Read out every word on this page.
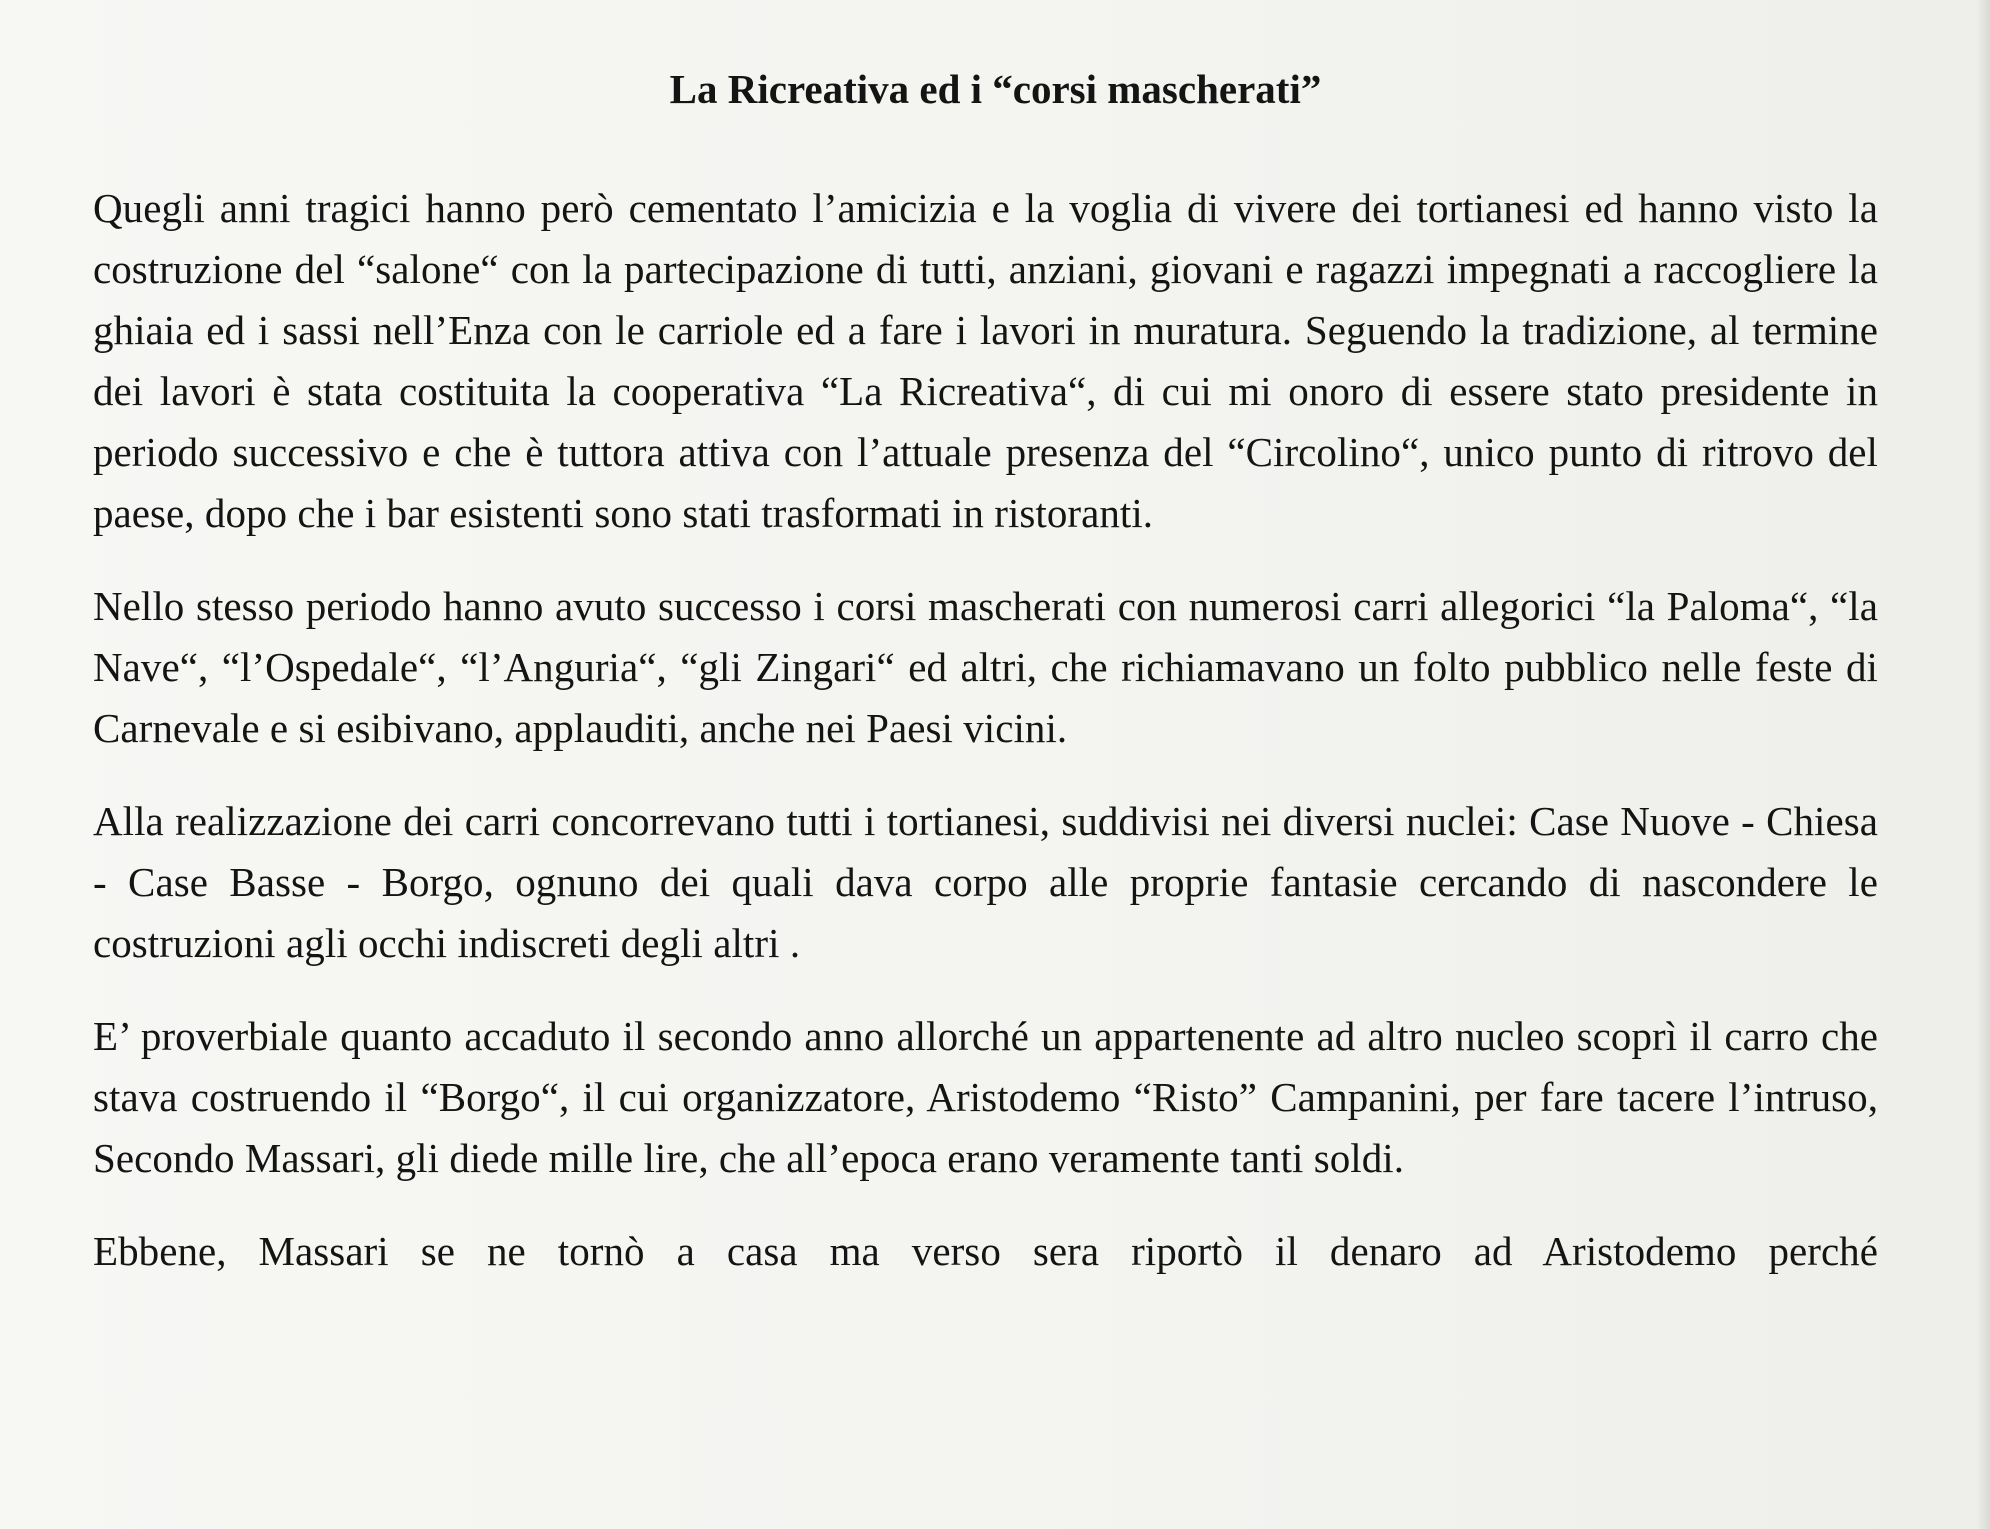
La Ricreativa ed i “corsi mascherati”

Quegli anni tragici hanno però cementato l’amicizia e la voglia di vivere dei tortianesi ed hanno visto la costruzione del “salone“ con la partecipazione di tutti, anziani, giovani e ragazzi impegnati a raccogliere la ghiaia ed i sassi nell’Enza con le carriole ed a fare i lavori in muratura. Seguendo la tradizione, al termine dei lavori è stata costituita la cooperativa “La Ricreativa“, di cui mi onoro di essere stato presidente in periodo successivo e che è tuttora attiva con l’attuale presenza del “Circolino“, unico punto di ritrovo del paese, dopo che i bar esistenti sono stati trasformati in ristoranti.

Nello stesso periodo hanno avuto successo i corsi mascherati con numerosi carri allegorici “la Paloma“, “la Nave“, “l’Ospedale“, “l’Anguria“, “gli Zingari“ ed altri, che richiamavano un folto pubblico nelle feste di Carnevale e si esibivano, applauditi, anche nei Paesi vicini.

Alla realizzazione dei carri concorrevano tutti i tortianesi, suddivisi nei diversi nuclei: Case Nuove - Chiesa - Case Basse - Borgo, ognuno dei quali dava corpo alle proprie fantasie cercando di nascondere le costruzioni agli occhi indiscreti degli altri .

E’ proverbiale quanto accaduto il secondo anno allorché un appartenente ad altro nucleo scoprì il carro che stava costruendo il “Borgo“, il cui organizzatore, Aristodemo “Risto” Campanini, per fare tacere l’intruso, Secondo Massari, gli diede mille lire, che all’epoca erano veramente tanti soldi.

Ebbene, Massari se ne tornò a casa ma verso sera riportò il denaro ad Aristodemo perché
